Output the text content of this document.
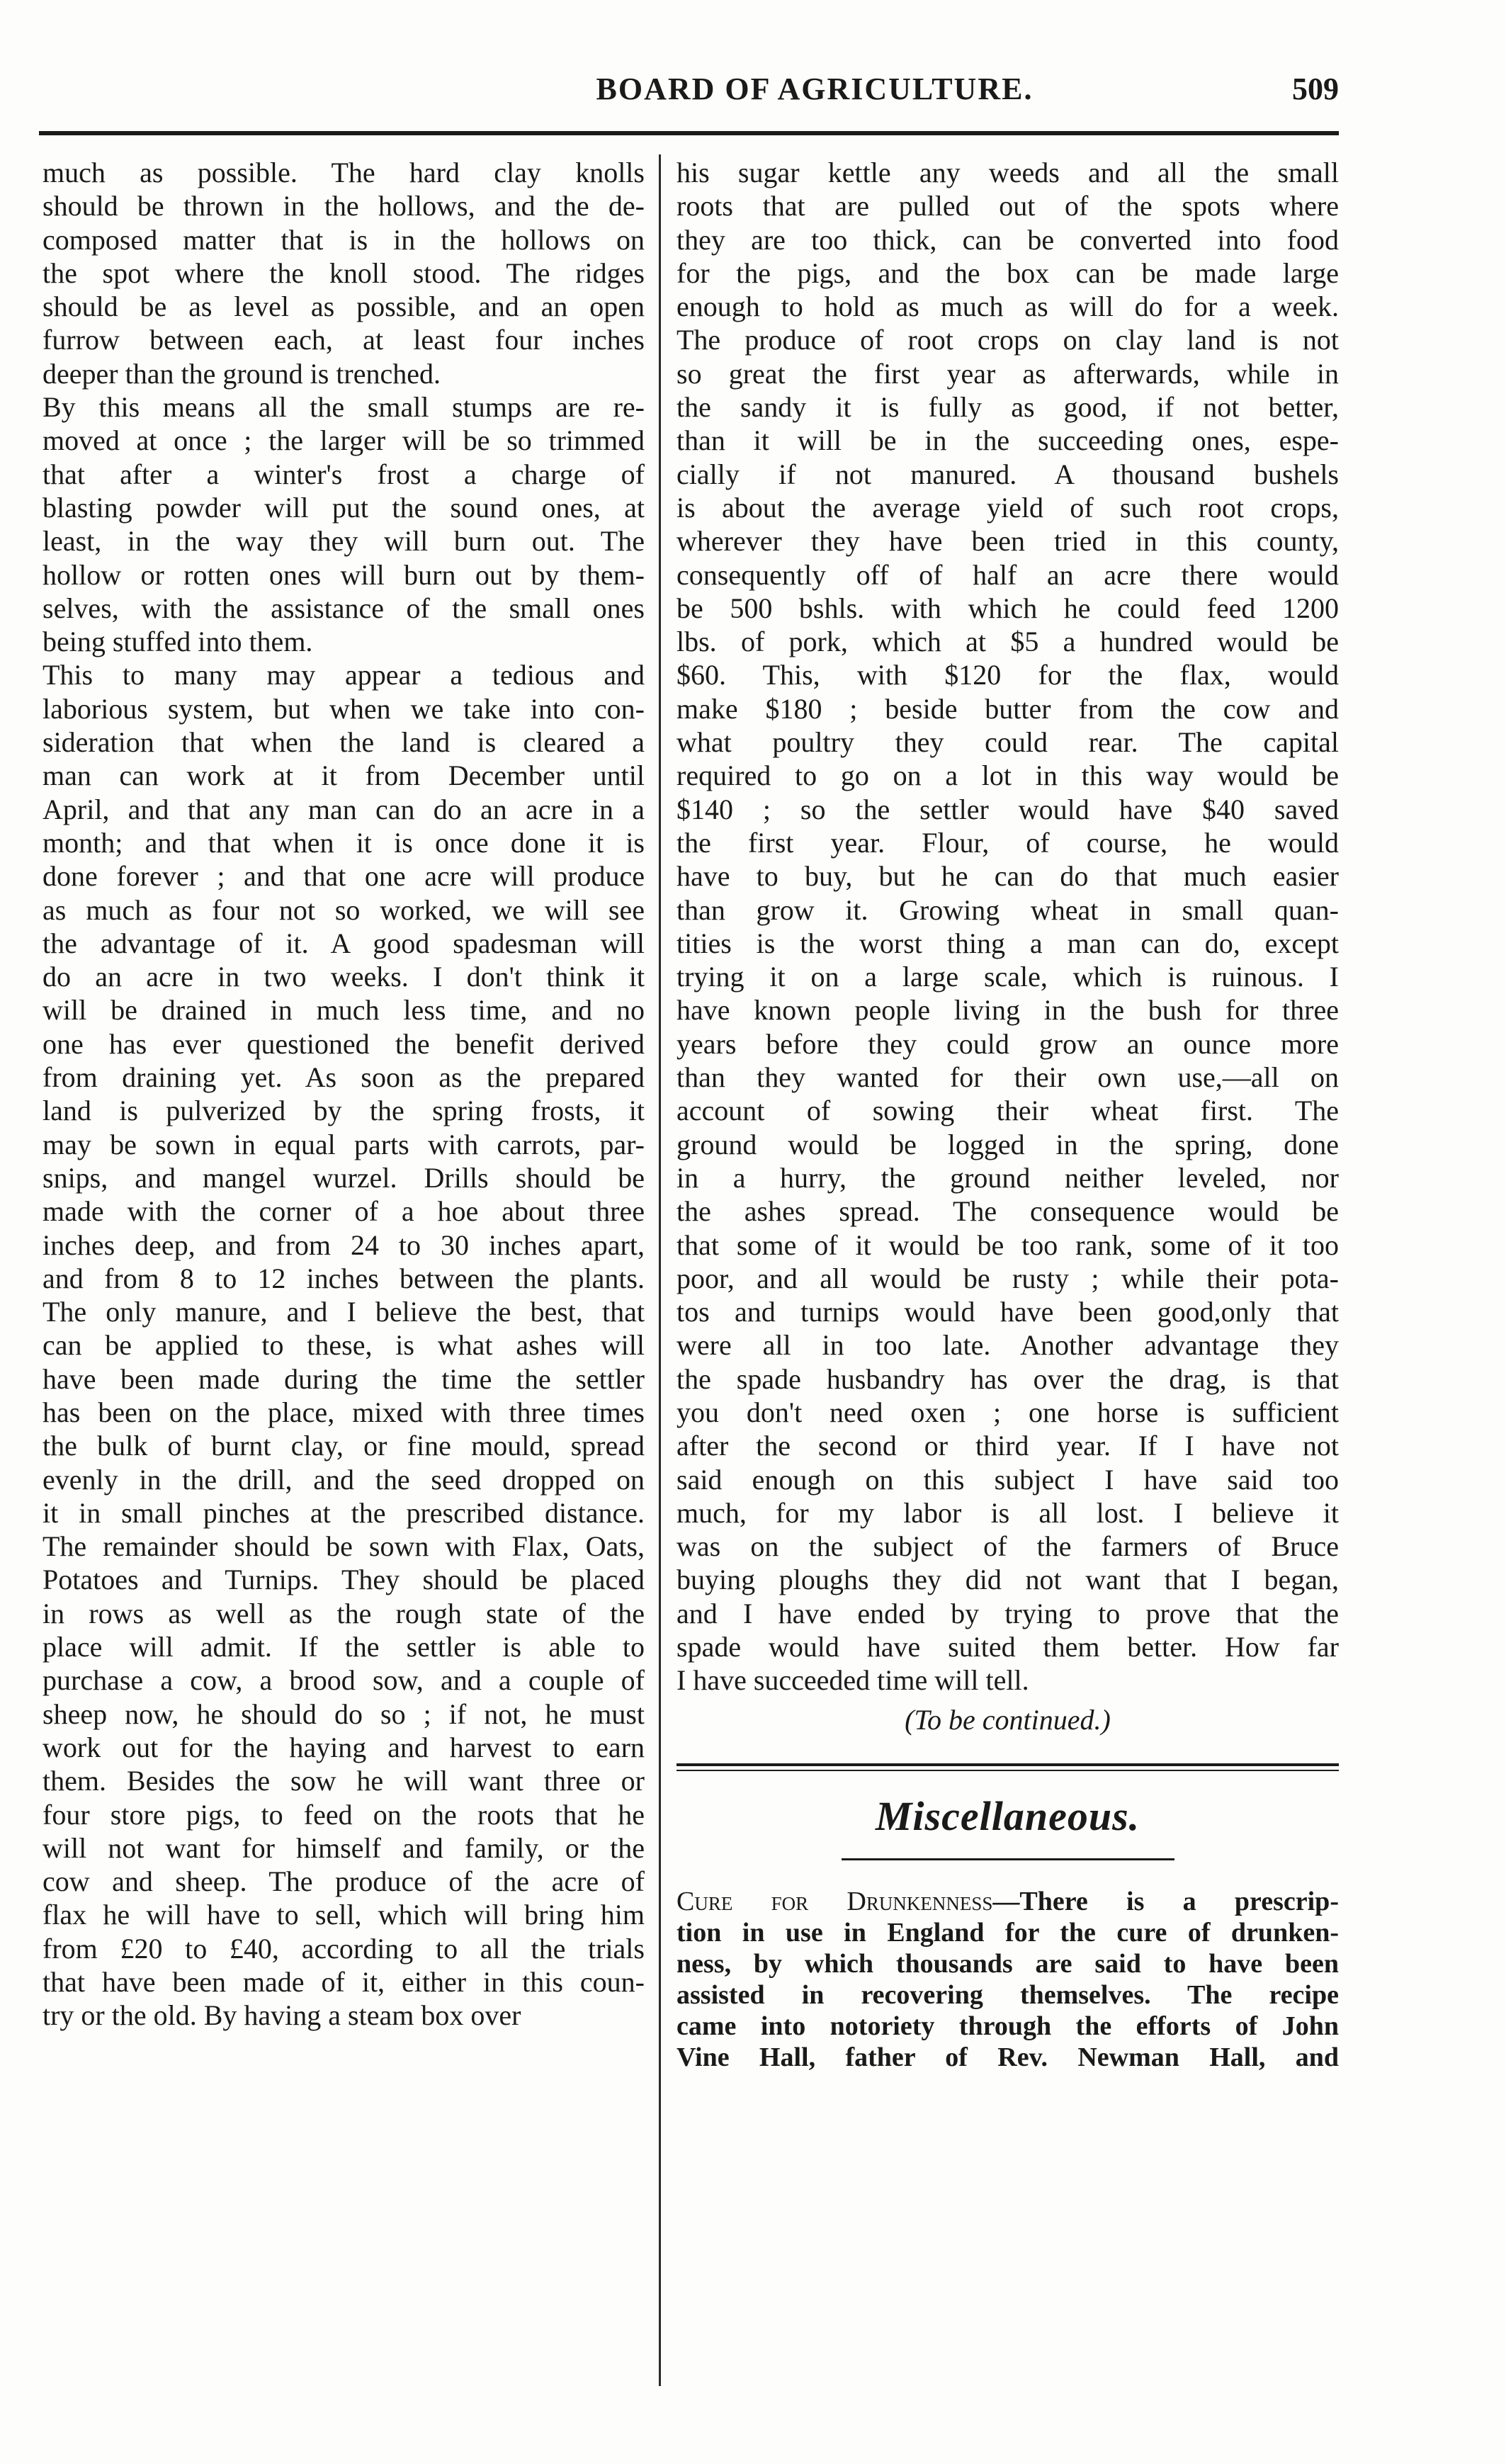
BOARD OF AGRICULTURE.	509
much as possible. The hard clay knolls
should be thrown in the hollows, and the de-
composed matter that is in the hollows on
the spot where the knoll stood. The ridges
should be as level as possible, and an open
furrow between each, at least four inches
deeper than the ground is trenched.
By this means all the small stumps are re-
moved at once ; the larger will be so trimmed
that after a winter's frost a charge of
blasting powder will put the sound ones, at
least, in the way they will burn out. The
hollow or rotten ones will burn out by them-
selves, with the assistance of the small ones
being stuffed into them.
This to many may appear a tedious and
laborious system, but when we take into con-
sideration that when the land is cleared a
man can work at it from December until
April, and that any man can do an acre in a
month; and that when it is once done it is
done forever ; and that one acre will produce
as much as four not so worked, we will see
the advantage of it. A good spadesman will
do an acre in two weeks. I don't think it
will be drained in much less time, and no
one has ever questioned the benefit derived
from draining yet. As soon as the prepared
land is pulverized by the spring frosts, it
may be sown in equal parts with carrots, par-
snips, and mangel wurzel. Drills should be
made with the corner of a hoe about three
inches deep, and from 24 to 30 inches apart,
and from 8 to 12 inches between the plants.
The only manure, and I believe the best, that
can be applied to these, is what ashes will
have been made during the time the settler
has been on the place, mixed with three times
the bulk of burnt clay, or fine mould, spread
evenly in the drill, and the seed dropped on
it in small pinches at the prescribed distance.
The remainder should be sown with Flax, Oats,
Potatoes and Turnips. They should be placed
in rows as well as the rough state of the
place will admit. If the settler is able to
purchase a cow, a brood sow, and a couple of
sheep now, he should do so ; if not, he must
work out for the haying and harvest to earn
them. Besides the sow he will want three or
four store pigs, to feed on the roots that he
will not want for himself and family, or the
cow and sheep. The produce of the acre of
flax he will have to sell, which will bring him
from £20 to £40, according to all the trials
that have been made of it, either in this coun-
try or the old. By having a steam box over
his sugar kettle any weeds and all the small
roots that are pulled out of the spots where
they are too thick, can be converted into food
for the pigs, and the box can be made large
enough to hold as much as will do for a week.
The produce of root crops on clay land is not
so great the first year as afterwards, while in
the sandy it is fully as good, if not better,
than it will be in the succeeding ones, espe-
cially if not manured. A thousand bushels
is about the average yield of such root crops,
wherever they have been tried in this county,
consequently off of half an acre there would
be 500 bshls. with which he could feed 1200
lbs. of pork, which at $5 a hundred would be
$60. This, with $120 for the flax, would
make $180 ; beside butter from the cow and
what poultry they could rear. The capital
required to go on a lot in this way would be
$140 ; so the settler would have $40 saved
the first year. Flour, of course, he would
have to buy, but he can do that much easier
than grow it. Growing wheat in small quan-
tities is the worst thing a man can do, except
trying it on a large scale, which is ruinous. I
have known people living in the bush for three
years before they could grow an ounce more
than they wanted for their own use,—all on
account of sowing their wheat first. The
ground would be logged in the spring, done
in a hurry, the ground neither leveled, nor
the ashes spread. The consequence would be
that some of it would be too rank, some of it too
poor, and all would be rusty ; while their pota-
tos and turnips would have been good,only that
were all in too late. Another advantage they
the spade husbandry has over the drag, is that
you don't need oxen ; one horse is sufficient
after the second or third year. If I have not
said enough on this subject I have said too
much, for my labor is all lost. I believe it
was on the subject of the farmers of Bruce
buying ploughs they did not want that I began,
and I have ended by trying to prove that the
spade would have suited them better. How far
I have succeeded time will tell.
(To be continued.)
Miscellaneous.
Cure for Drunkenness—There is a prescrip-
tion in use in England for the cure of drunken-
ness, by which thousands are said to have been
assisted in recovering themselves. The recipe
came into notoriety through the efforts of John
Vine Hall, father of Rev. Newman Hall, and
